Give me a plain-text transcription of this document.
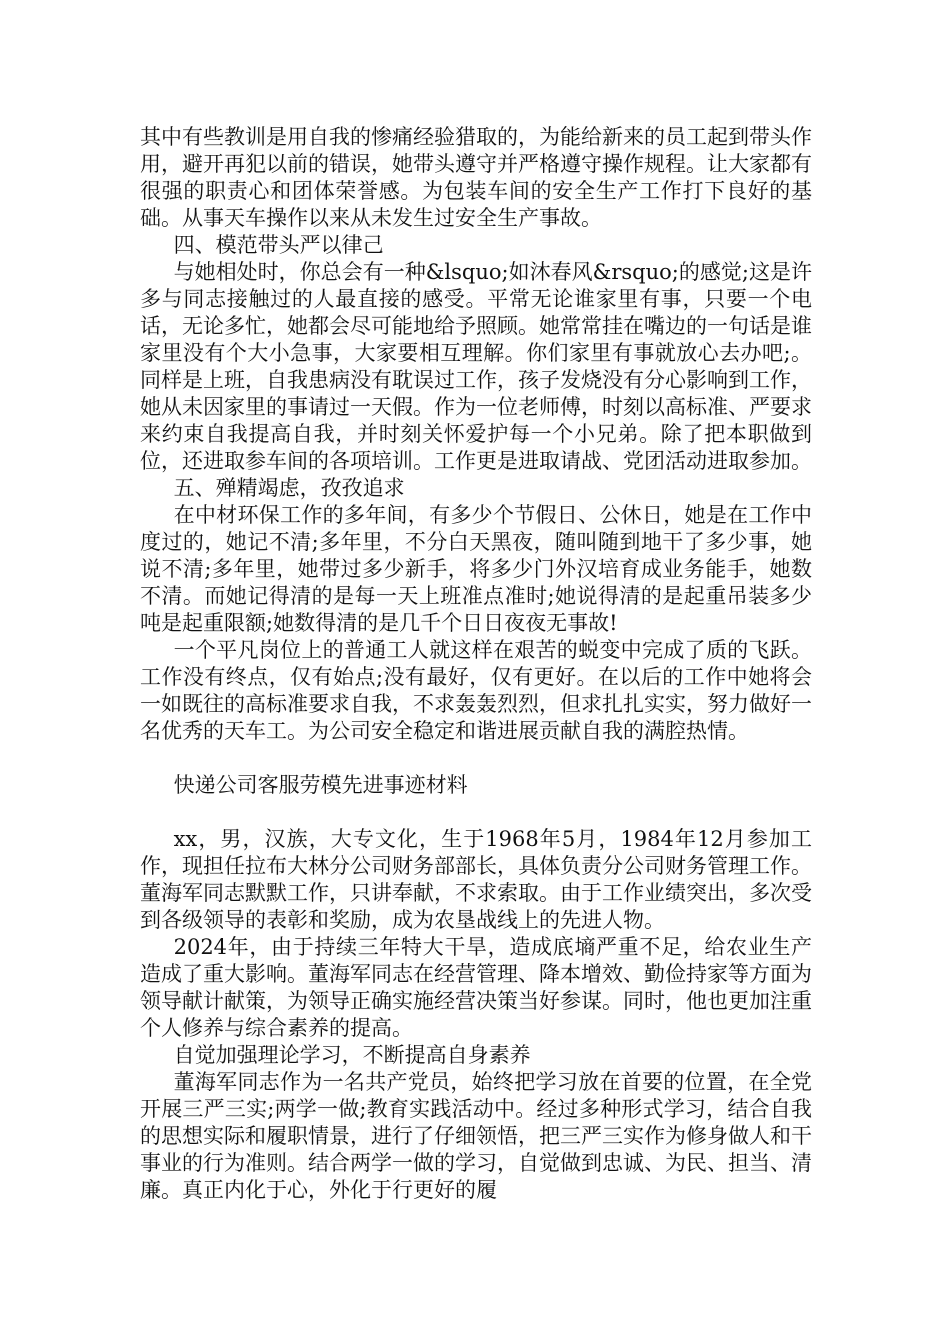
其中有些教训是用自我的惨痛经验猎取的，为能给新来的员工起到带头作用，避开再犯以前的错误，她带头遵守并严格遵守操作规程。让大家都有很强的职责心和团体荣誉感。为包装车间的安全生产工作打下良好的基础。从事天车操作以来从未发生过安全生产事故。

四、模范带头严以律己

与她相处时，你总会有一种&lsquo;如沐春风&rsquo;的感觉;这是许多与同志接触过的人最直接的感受。平常无论谁家里有事，只要一个电话，无论多忙，她都会尽可能地给予照顾。她常常挂在嘴边的一句话是谁家里没有个大小急事，大家要相互理解。你们家里有事就放心去办吧;。同样是上班，自我患病没有耽误过工作，孩子发烧没有分心影响到工作，她从未因家里的事请过一天假。作为一位老师傅，时刻以高标准、严要求来约束自我提高自我，并时刻关怀爱护每一个小兄弟。除了把本职做到位，还进取参车间的各项培训。工作更是进取请战、党团活动进取参加。

五、殚精竭虑，孜孜追求

在中材环保工作的多年间，有多少个节假日、公休日，她是在工作中度过的，她记不清;多年里，不分白天黑夜，随叫随到地干了多少事，她说不清;多年里，她带过多少新手，将多少门外汉培育成业务能手，她数不清。而她记得清的是每一天上班准点准时;她说得清的是起重吊装多少吨是起重限额;她数得清的是几千个日日夜夜无事故!

一个平凡岗位上的普通工人就这样在艰苦的蜕变中完成了质的飞跃。工作没有终点，仅有始点;没有最好，仅有更好。在以后的工作中她将会一如既往的高标准要求自我，不求轰轰烈烈，但求扎扎实实，努力做好一名优秀的天车工。为公司安全稳定和谐进展贡献自我的满腔热情。

快递公司客服劳模先进事迹材料

xx，男，汉族，大专文化，生于1968年5月，1984年12月参加工作，现担任拉布大林分公司财务部部长，具体负责分公司财务管理工作。董海军同志默默工作，只讲奉献，不求索取。由于工作业绩突出，多次受到各级领导的表彰和奖励，成为农垦战线上的先进人物。

2024年，由于持续三年特大干旱，造成底墒严重不足，给农业生产造成了重大影响。董海军同志在经营管理、降本增效、勤俭持家等方面为领导献计献策，为领导正确实施经营决策当好参谋。同时，他也更加注重个人修养与综合素养的提高。

自觉加强理论学习，不断提高自身素养

董海军同志作为一名共产党员，始终把学习放在首要的位置，在全党开展三严三实;两学一做;教育实践活动中。经过多种形式学习，结合自我的思想实际和履职情景，进行了仔细领悟，把三严三实作为修身做人和干事业的行为准则。结合两学一做的学习，自觉做到忠诚、为民、担当、清廉。真正内化于心，外化于行更好的履
